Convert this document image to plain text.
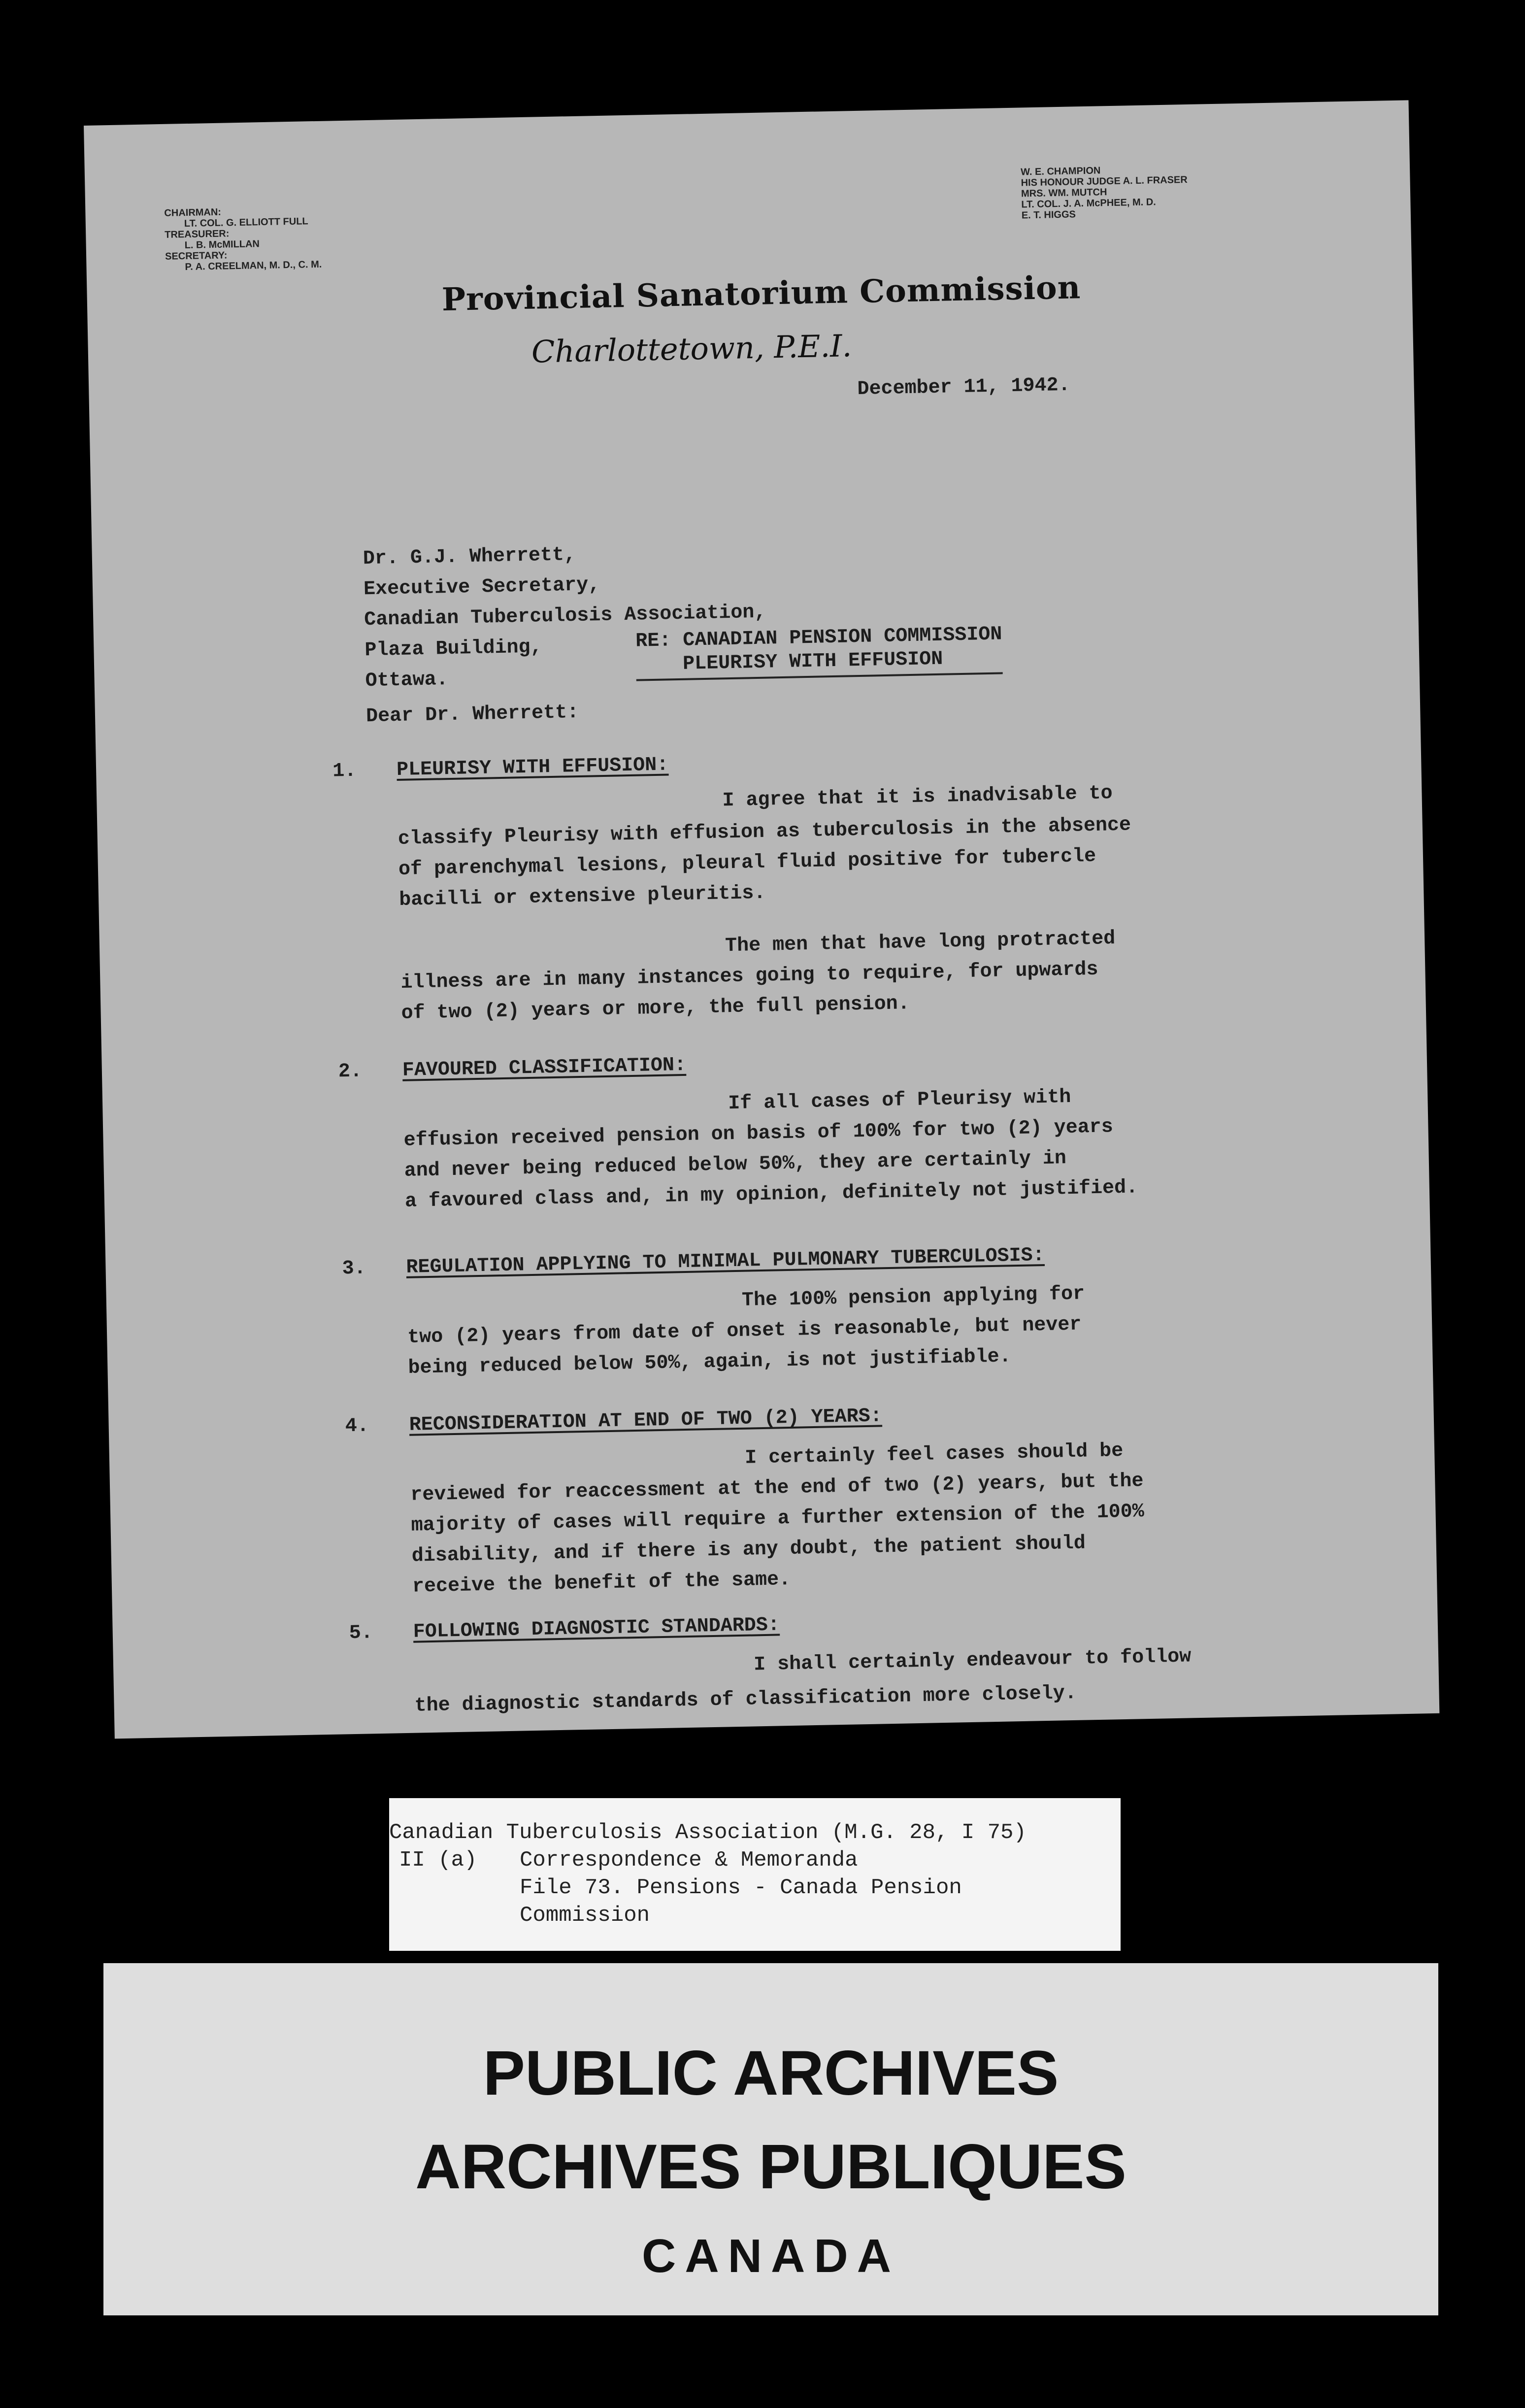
CHAIRMAN:
LT. COL. G. ELLIOTT FULL
TREASURER:
L. B. McMILLAN
SECRETARY:
P. A. CREELMAN, M. D., C. M.
W. E. CHAMPION
HIS HONOUR JUDGE A. L. FRASER
MRS. WM. MUTCH
LT. COL. J. A. McPHEE, M. D.
E. T. HIGGS
Provincial Sanatorium Commission
Charlottetown, P.E.I.
December 11, 1942.
Dr. G.J. Wherrett,
Executive Secretary,
Canadian Tuberculosis Association,
Plaza Building,
Ottawa.
RE: CANADIAN PENSION COMMISSION
PLEURISY WITH EFFUSION
Dear Dr. Wherrett:
1. PLEURISY WITH EFFUSION:
I agree that it is inadvisable to
classify Pleurisy with effusion as tuberculosis in the absence
of parenchymal lesions, pleural fluid positive for tubercle
bacilli or extensive pleuritis.
The men that have long protracted
illness are in many instances going to require, for upwards
of two (2) years or more, the full pension.
2. FAVOURED CLASSIFICATION:
If all cases of Pleurisy with
effusion received pension on basis of 100% for two (2) years
and never being reduced below 50%, they are certainly in
a favoured class and, in my opinion, definitely not justified.
3. REGULATION APPLYING TO MINIMAL PULMONARY TUBERCULOSIS:
The 100% pension applying for
two (2) years from date of onset is reasonable, but never
being reduced below 50%, again, is not justifiable.
4. RECONSIDERATION AT END OF TWO (2) YEARS:
I certainly feel cases should be
reviewed for reaccessment at the end of two (2) years, but the
majority of cases will require a further extension of the 100%
disability, and if there is any doubt, the patient should
receive the benefit of the same.
5. FOLLOWING DIAGNOSTIC STANDARDS:
I shall certainly endeavour to follow
the diagnostic standards of classification more closely.
Canadian Tuberculosis Association (M.G. 28, I 75)
II (a) Correspondence & Memoranda
File 73. Pensions - Canada Pension
Commission
PUBLIC ARCHIVES
ARCHIVES PUBLIQUES
CANADA
